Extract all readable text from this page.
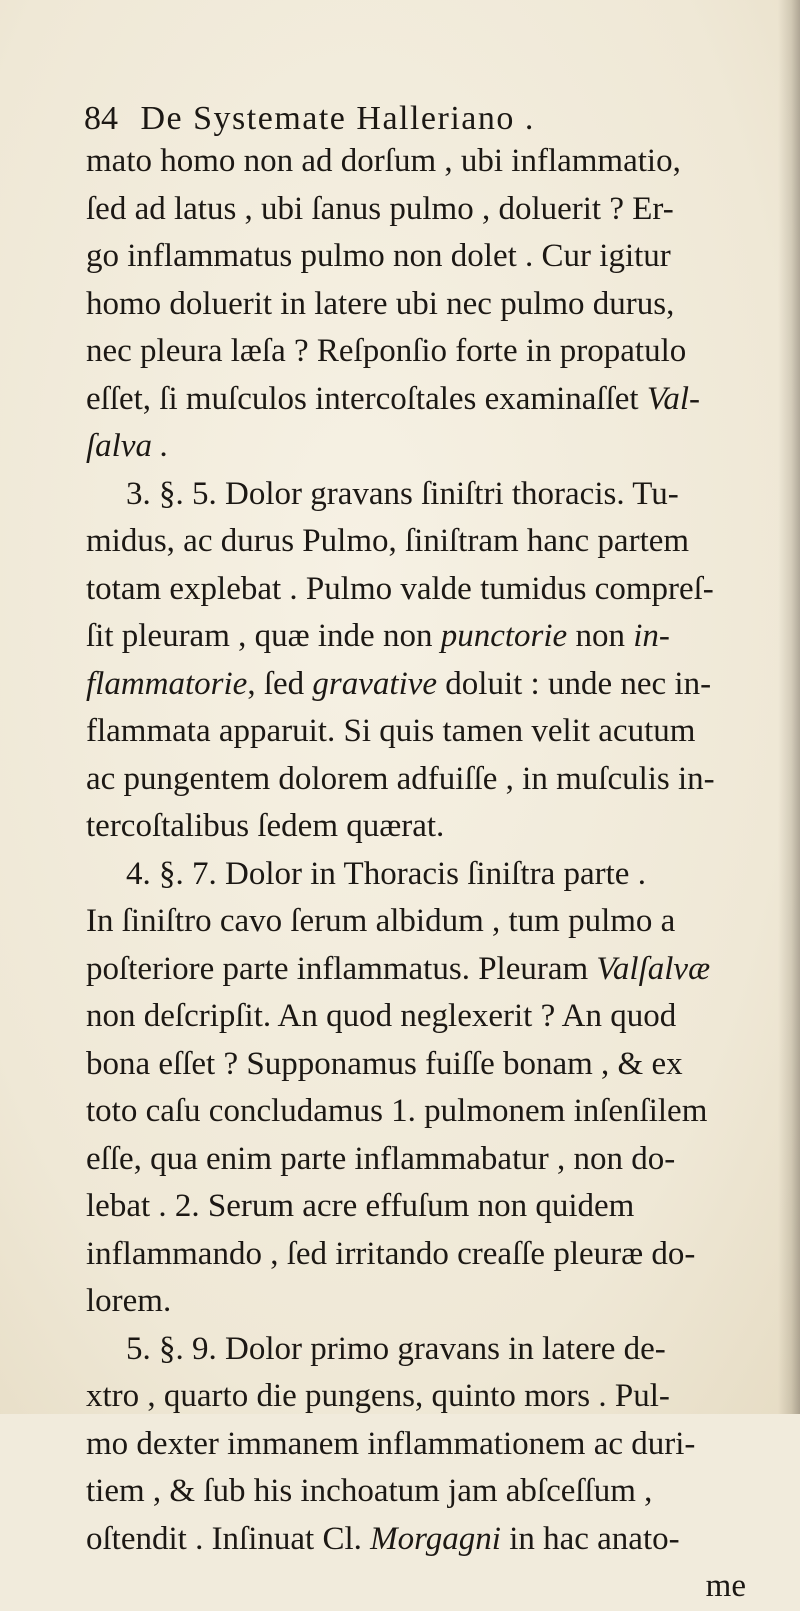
84 De Systemate Halleriano .
mato homo non ad dorſum , ubi inflammatio,
ſed ad latus , ubi ſanus pulmo , doluerit ? Er-
go inflammatus pulmo non dolet . Cur igitur
homo doluerit in latere ubi nec pulmo durus,
nec pleura læſa ? Reſponſio forte in propatulo
eſſet, ſi muſculos intercoſtales examinaſſet Val-
ſalva .
3. §. 5. Dolor gravans ſiniſtri thoracis. Tu-
midus, ac durus Pulmo, ſiniſtram hanc partem
totam explebat . Pulmo valde tumidus compreſ-
ſit pleuram , quæ inde non punctorie non in-
flammatorie, ſed gravative doluit : unde nec in-
flammata apparuit. Si quis tamen velit acutum
ac pungentem dolorem adfuiſſe , in muſculis in-
tercoſtalibus ſedem quærat.
4. §. 7. Dolor in Thoracis ſiniſtra parte .
In ſiniſtro cavo ſerum albidum , tum pulmo a
poſteriore parte inflammatus. Pleuram Valſalvæ
non deſcripſit. An quod neglexerit ? An quod
bona eſſet ? Supponamus fuiſſe bonam , & ex
toto caſu concludamus 1. pulmonem inſenſilem
eſſe, qua enim parte inflammabatur , non do-
lebat . 2. Serum acre effuſum non quidem
inflammando , ſed irritando creaſſe pleuræ do-
lorem.
5. §. 9. Dolor primo gravans in latere de-
xtro , quarto die pungens, quinto mors . Pul-
mo dexter immanem inflammationem ac duri-
tiem , & ſub his inchoatum jam abſceſſum ,
oſtendit . Inſinuat Cl. Morgagni in hac anato-
me
